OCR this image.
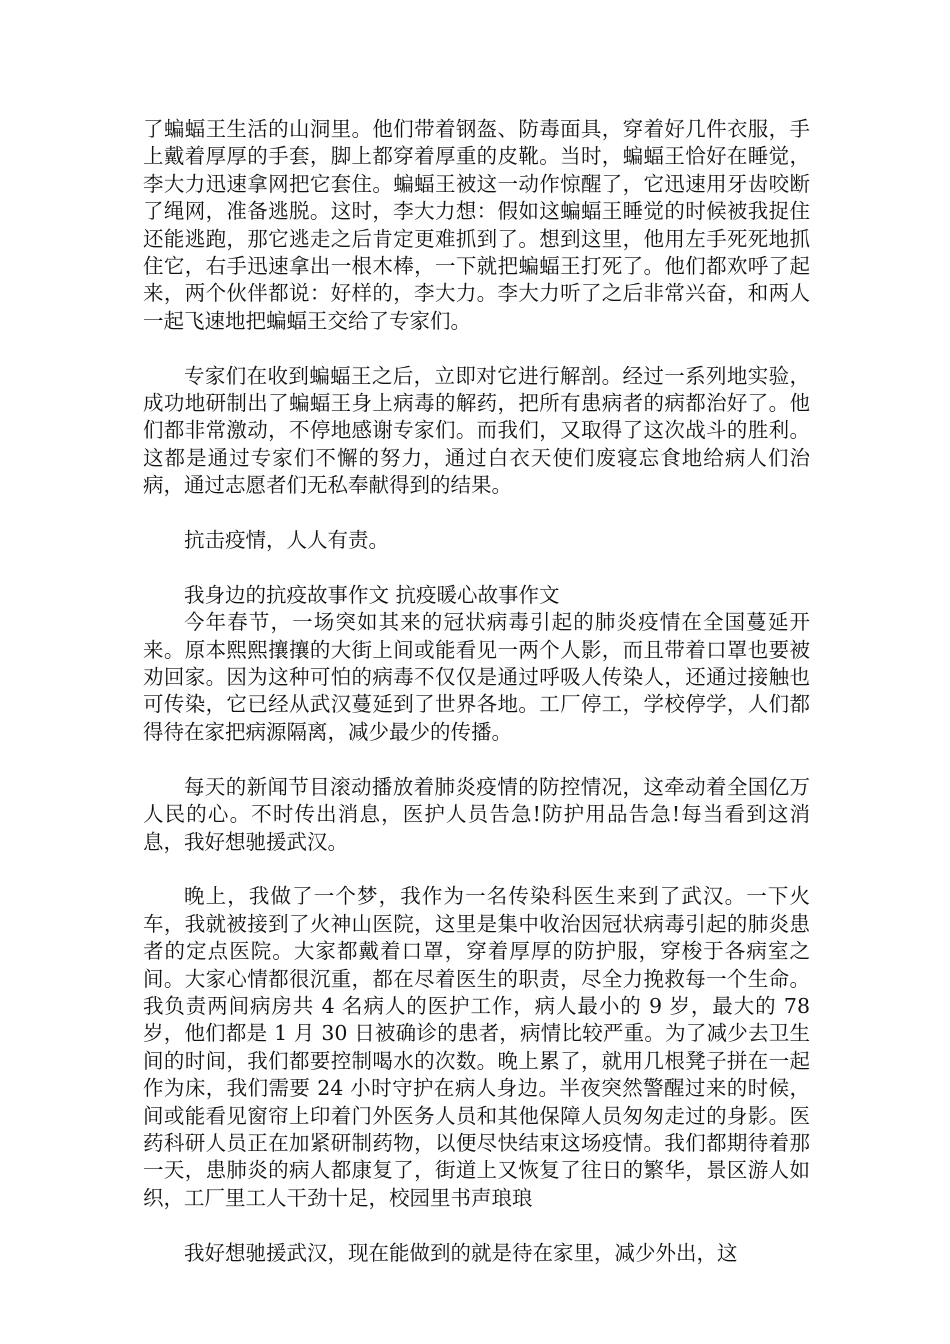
了蝙蝠王生活的山洞里。他们带着钢盔、防毒面具，穿着好几件衣服，手上戴着厚厚的手套，脚上都穿着厚重的皮靴。当时，蝙蝠王恰好在睡觉，李大力迅速拿网把它套住。蝙蝠王被这一动作惊醒了，它迅速用牙齿咬断了绳网，准备逃脱。这时，李大力想：假如这蝙蝠王睡觉的时候被我捉住还能逃跑，那它逃走之后肯定更难抓到了。想到这里，他用左手死死地抓住它，右手迅速拿出一根木棒，一下就把蝙蝠王打死了。他们都欢呼了起来，两个伙伴都说：好样的，李大力。李大力听了之后非常兴奋，和两人一起飞速地把蝙蝠王交给了专家们。

专家们在收到蝙蝠王之后，立即对它进行解剖。经过一系列地实验，成功地研制出了蝙蝠王身上病毒的解药，把所有患病者的病都治好了。他们都非常激动，不停地感谢专家们。而我们，又取得了这次战斗的胜利。这都是通过专家们不懈的努力，通过白衣天使们废寝忘食地给病人们治病，通过志愿者们无私奉献得到的结果。

抗击疫情，人人有责。

我身边的抗疫故事作文 抗疫暖心故事作文

今年春节，一场突如其来的冠状病毒引起的肺炎疫情在全国蔓延开来。原本熙熙攘攘的大街上间或能看见一两个人影，而且带着口罩也要被劝回家。因为这种可怕的病毒不仅仅是通过呼吸人传染人，还通过接触也可传染，它已经从武汉蔓延到了世界各地。工厂停工，学校停学，人们都得待在家把病源隔离，减少最少的传播。

每天的新闻节目滚动播放着肺炎疫情的防控情况，这牵动着全国亿万人民的心。不时传出消息，医护人员告急!防护用品告急!每当看到这消息，我好想驰援武汉。

晚上，我做了一个梦，我作为一名传染科医生来到了武汉。一下火车，我就被接到了火神山医院，这里是集中收治因冠状病毒引起的肺炎患者的定点医院。大家都戴着口罩，穿着厚厚的防护服，穿梭于各病室之间。大家心情都很沉重，都在尽着医生的职责，尽全力挽救每一个生命。我负责两间病房共 4 名病人的医护工作，病人最小的 9 岁，最大的 78 岁，他们都是 1 月 30 日被确诊的患者，病情比较严重。为了减少去卫生间的时间，我们都要控制喝水的次数。晚上累了，就用几根凳子拼在一起作为床，我们需要 24 小时守护在病人身边。半夜突然警醒过来的时候，间或能看见窗帘上印着门外医务人员和其他保障人员匆匆走过的身影。医药科研人员正在加紧研制药物，以便尽快结束这场疫情。我们都期待着那一天，患肺炎的病人都康复了，街道上又恢复了往日的繁华，景区游人如织，工厂里工人干劲十足，校园里书声琅琅

我好想驰援武汉，现在能做到的就是待在家里，减少外出，这
